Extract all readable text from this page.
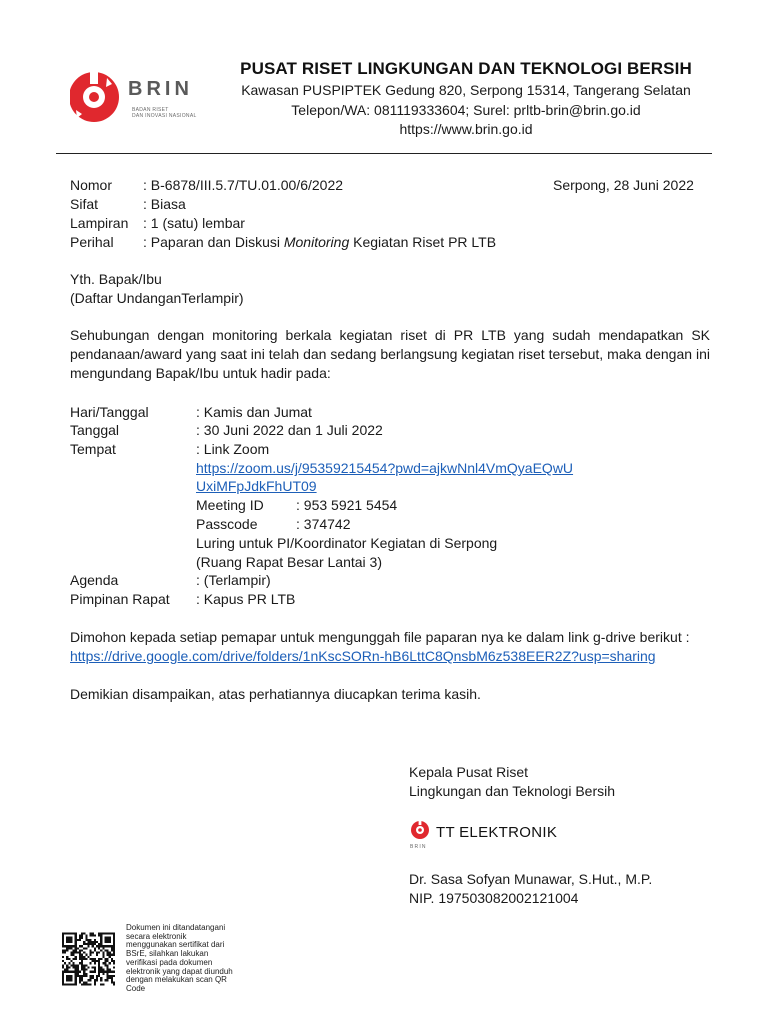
BRIN
BADAN RISET
DAN INOVASI NASIONAL
PUSAT RISET LINGKUNGAN DAN TEKNOLOGI BERSIH
Kawasan PUSPIPTEK Gedung 820, Serpong 15314, Tangerang Selatan
Telepon/WA: 081119333604; Surel: prltb-brin@brin.go.id
https://www.brin.go.id
Nomor : B-6878/III.5.7/TU.01.00/6/2022	Serpong, 28 Juni 2022
Sifat	: Biasa
Lampiran : 1 (satu) lembar
Perihal : Paparan dan Diskusi Monitoring Kegiatan Riset PR LTB
Yth. Bapak/Ibu
(Daftar UndanganTerlampir)
Sehubungan dengan monitoring berkala kegiatan riset di PR LTB yang sudah mendapatkan SK
pendanaan/award yang saat ini telah dan sedang berlangsung kegiatan riset tersebut, maka dengan ini
mengundang Bapak/Ibu untuk hadir pada:
Hari/Tanggal	: Kamis dan Jumat
Tanggal	: 30 Juni 2022 dan 1 Juli 2022
Tempat	: Link Zoom
https://zoom.us/j/95359215454?pwd=ajkwNnl4VmQyaEQwU
UxiMFpJdkFhUT09
Meeting ID : 953 5921 5454
Passcode	: 374742
Luring untuk PI/Koordinator Kegiatan di Serpong
(Ruang Rapat Besar Lantai 3)
Agenda	: (Terlampir)
Pimpinan Rapat : Kapus PR LTB
Dimohon kepada setiap pemapar untuk mengunggah file paparan nya ke dalam link g-drive berikut :
https://drive.google.com/drive/folders/1nKscSORn-hB6LttC8QnsbM6z538EER2Z?usp=sharing
Demikian disampaikan, atas perhatiannya diucapkan terima kasih.
Kepala Pusat Riset
Lingkungan dan Teknologi Bersih
BRIN
TT ELEKTRONIK
Dr. Sasa Sofyan Munawar, S.Hut., M.P.
NIP. 197503082002121004
Dokumen ini ditandatangani
secara elektronik
menggunakan sertifikat dari
BSrE, silahkan lakukan
verifikasi pada dokumen
elektronik yang dapat diunduh
dengan melakukan scan QR
Code
